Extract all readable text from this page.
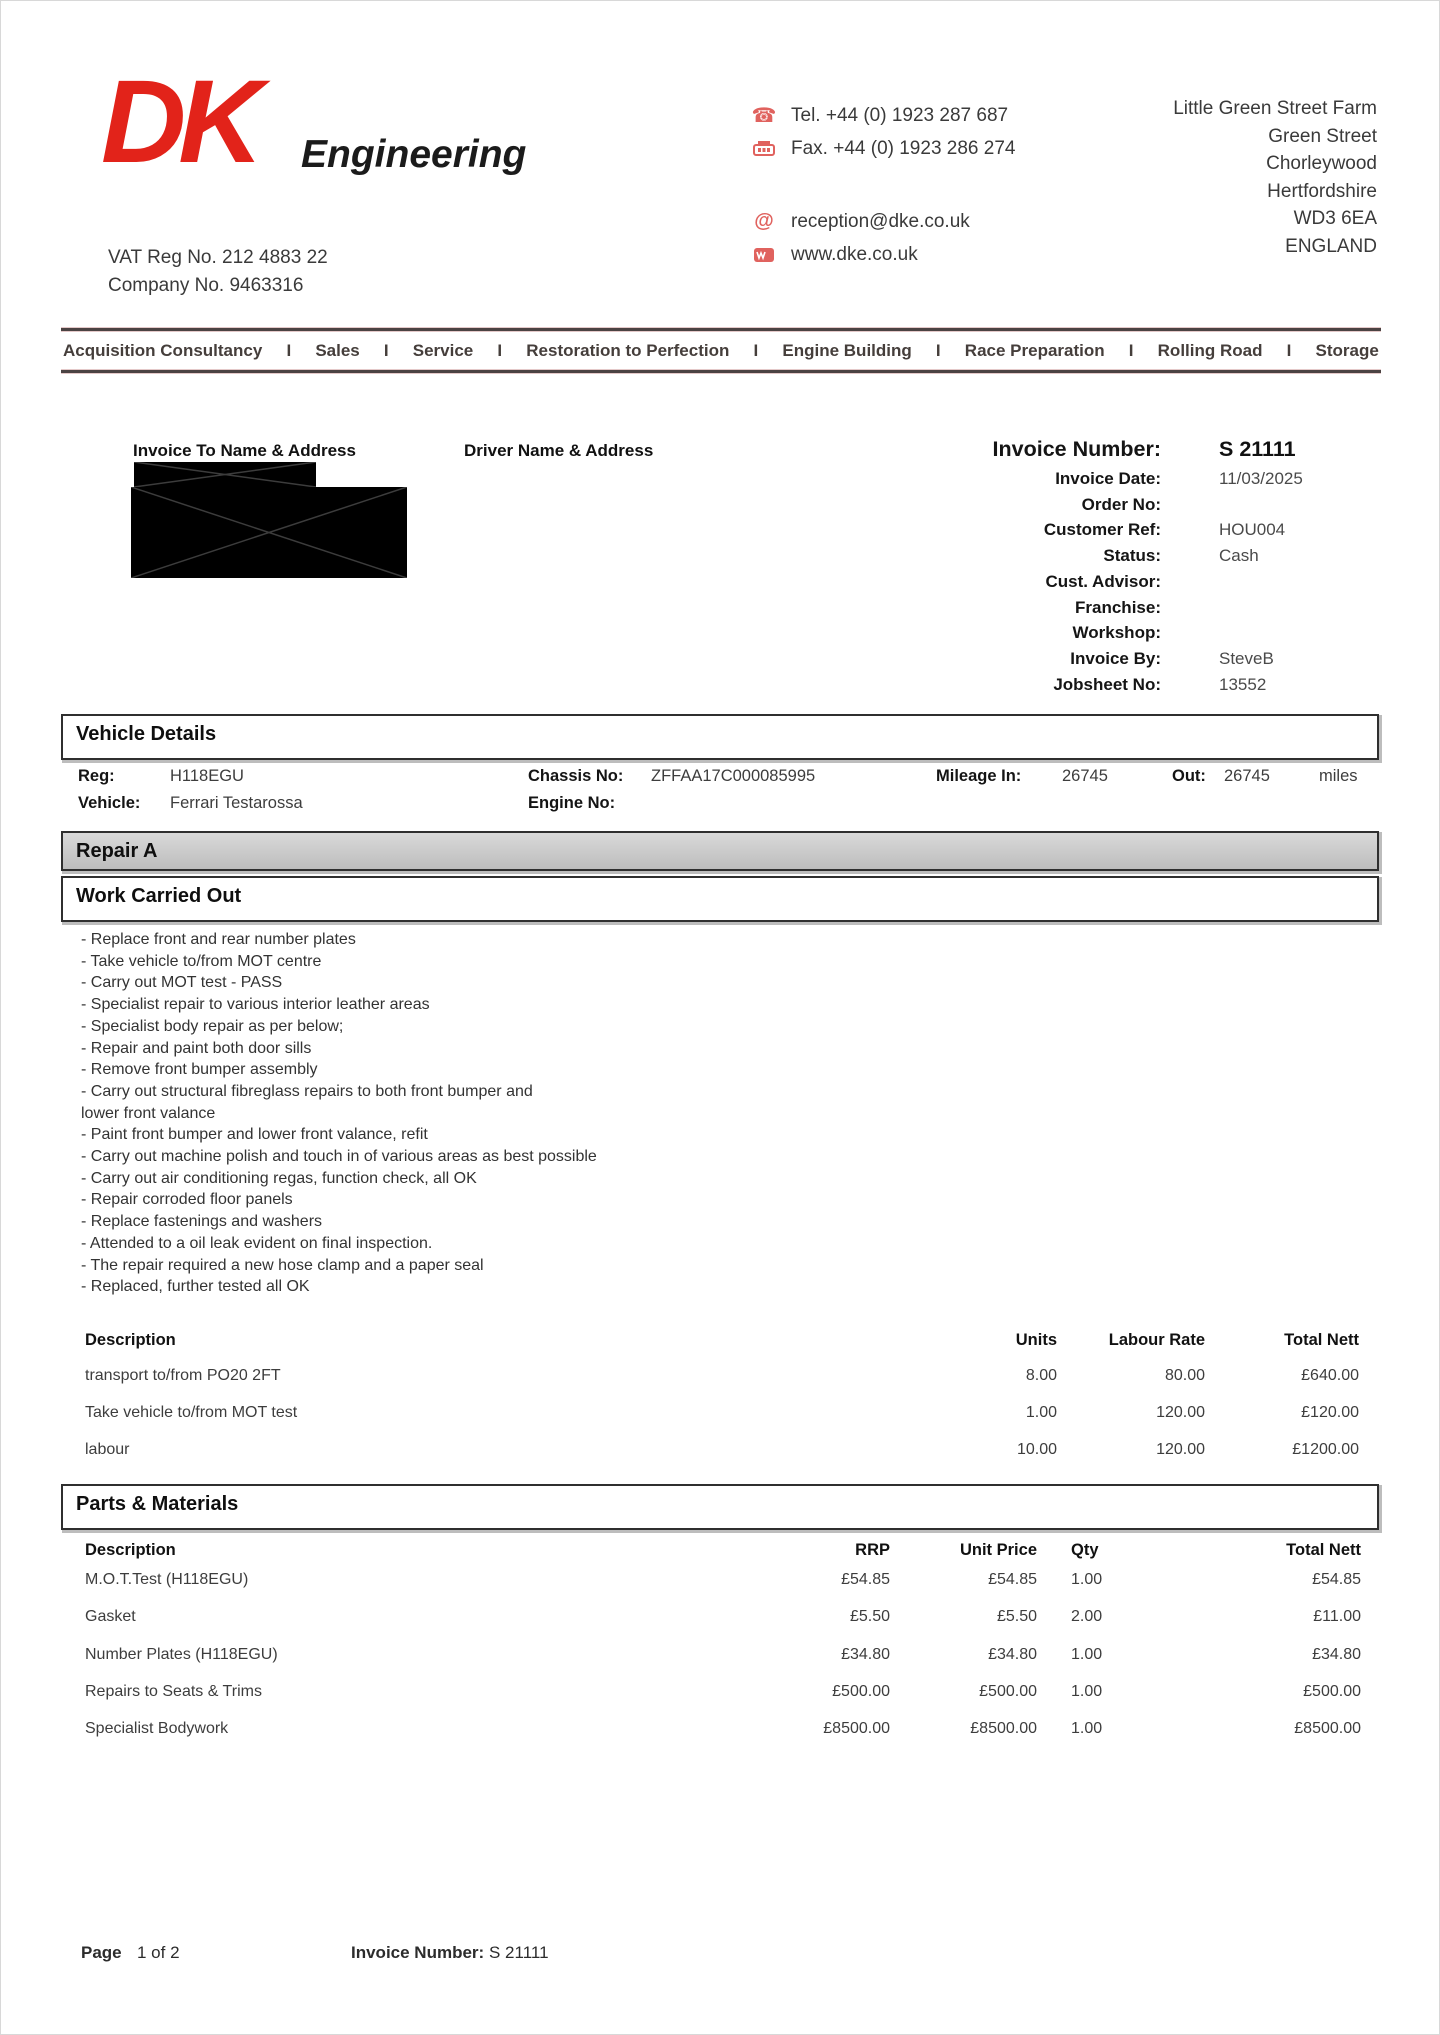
DK Engineering
VAT Reg No. 212 4883 22
Company No. 9463316
☎ Tel. +44 (0) 1923 287 687
Fax. +44 (0) 1923 286 274
@ reception@dke.co.uk
www.dke.co.uk
Little Green Street Farm
Green Street
Chorleywood
Hertfordshire
WD3 6EA
ENGLAND
Acquisition Consultancy I Sales I Service I Restoration to Perfection I Engine Building I Race Preparation I Rolling Road I Storage
Invoice To Name & Address	Driver Name & Address	Invoice Number:	S 21111
Invoice Date:	11/03/2025
Order No:
Customer Ref:	HOU004
Status:	Cash
Cust. Advisor:
Franchise:
Workshop:
Invoice By:	SteveB
Jobsheet No:	13552
Vehicle Details
Reg:	H118EGU	Chassis No: ZFFAA17C000085995	Mileage In: 26745	Out: 26745	miles
Vehicle: Ferrari Testarossa	Engine No:
Repair A
Work Carried Out
- Replace front and rear number plates
- Take vehicle to/from MOT centre
- Carry out MOT test - PASS
- Specialist repair to various interior leather areas
- Specialist body repair as per below;
- Repair and paint both door sills
- Remove front bumper assembly
- Carry out structural fibreglass repairs to both front bumper and
lower front valance
- Paint front bumper and lower front valance, refit
- Carry out machine polish and touch in of various areas as best possible
- Carry out air conditioning regas, function check, all OK
- Repair corroded floor panels
- Replace fastenings and washers
- Attended to a oil leak evident on final inspection.
- The repair required a new hose clamp and a paper seal
- Replaced, further tested all OK
Description	Units	Labour Rate	Total Nett
transport to/from PO20 2FT	8.00	80.00	£640.00
Take vehicle to/from MOT test	1.00	120.00	£120.00
labour	10.00	120.00	£1200.00
Parts & Materials
Description	RRP	Unit Price	Qty	Total Nett
M.O.T.Test (H118EGU)	£54.85	£54.85	1.00	£54.85
Gasket	£5.50	£5.50	2.00	£11.00
Number Plates (H118EGU)	£34.80	£34.80	1.00	£34.80
Repairs to Seats & Trims	£500.00	£500.00	1.00	£500.00
Specialist Bodywork	£8500.00	£8500.00	1.00	£8500.00
Page 1 of 2	Invoice Number: S 21111
